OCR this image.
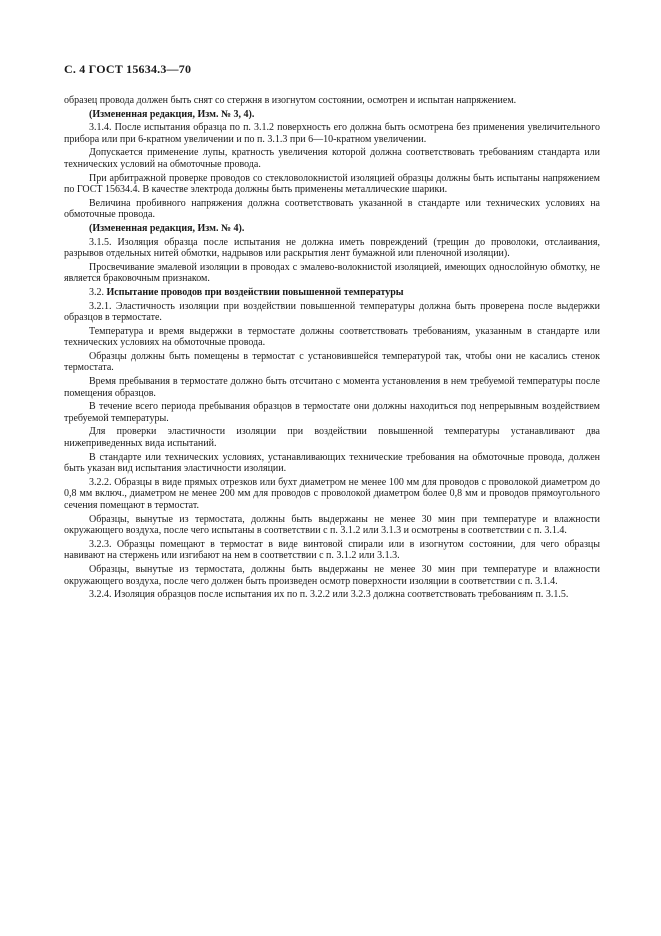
С. 4 ГОСТ 15634.3—70

образец провода должен быть снят со стержня в изогнутом состоянии, осмотрен и испытан напряжением.

(Измененная редакция, Изм. № 3, 4).

3.1.4. После испытания образца по п. 3.1.2 поверхность его должна быть осмотрена без применения увеличительного прибора или при 6-кратном увеличении и по п. 3.1.3 при 6—10-кратном увеличении.

Допускается применение лупы, кратность увеличения которой должна соответствовать требованиям стандарта или технических условий на обмоточные провода.

При арбитражной проверке проводов со стекловолокнистой изоляцией образцы должны быть испытаны напряжением по ГОСТ 15634.4. В качестве электрода должны быть применены металлические шарики.

Величина пробивного напряжения должна соответствовать указанной в стандарте или технических условиях на обмоточные провода.

(Измененная редакция, Изм. № 4).

3.1.5. Изоляция образца после испытания не должна иметь повреждений (трещин до проволоки, отслаивания, разрывов отдельных нитей обмотки, надрывов или раскрытия лент бумажной или пленочной изоляции).

Просвечивание эмалевой изоляции в проводах с эмалево-волокнистой изоляцией, имеющих однослойную обмотку, не является браковочным признаком.

3.2. Испытание проводов при воздействии повышенной температуры

3.2.1. Эластичность изоляции при воздействии повышенной температуры должна быть проверена после выдержки образцов в термостате.

Температура и время выдержки в термостате должны соответствовать требованиям, указанным в стандарте или технических условиях на обмоточные провода.

Образцы должны быть помещены в термостат с установившейся температурой так, чтобы они не касались стенок термостата.

Время пребывания в термостате должно быть отсчитано с момента установления в нем требуемой температуры после помещения образцов.

В течение всего периода пребывания образцов в термостате они должны находиться под непрерывным воздействием требуемой температуры.

Для проверки эластичности изоляции при воздействии повышенной температуры устанавливают два нижеприведенных вида испытаний.

В стандарте или технических условиях, устанавливающих технические требования на обмоточные провода, должен быть указан вид испытания эластичности изоляции.

3.2.2. Образцы в виде прямых отрезков или бухт диаметром не менее 100 мм для проводов с проволокой диаметром до 0,8 мм включ., диаметром не менее 200 мм для проводов с проволокой диаметром более 0,8 мм и проводов прямоугольного сечения помещают в термостат.

Образцы, вынутые из термостата, должны быть выдержаны не менее 30 мин при температуре и влажности окружающего воздуха, после чего испытаны в соответствии с п. 3.1.2 или 3.1.3 и осмотрены в соответствии с п. 3.1.4.

3.2.3. Образцы помещают в термостат в виде винтовой спирали или в изогнутом состоянии, для чего образцы навивают на стержень или изгибают на нем в соответствии с п. 3.1.2 или 3.1.3.

Образцы, вынутые из термостата, должны быть выдержаны не менее 30 мин при температуре и влажности окружающего воздуха, после чего должен быть произведен осмотр поверхности изоляции в соответствии с п. 3.1.4.

3.2.4. Изоляция образцов после испытания их по п. 3.2.2 или 3.2.3 должна соответствовать требованиям п. 3.1.5.
